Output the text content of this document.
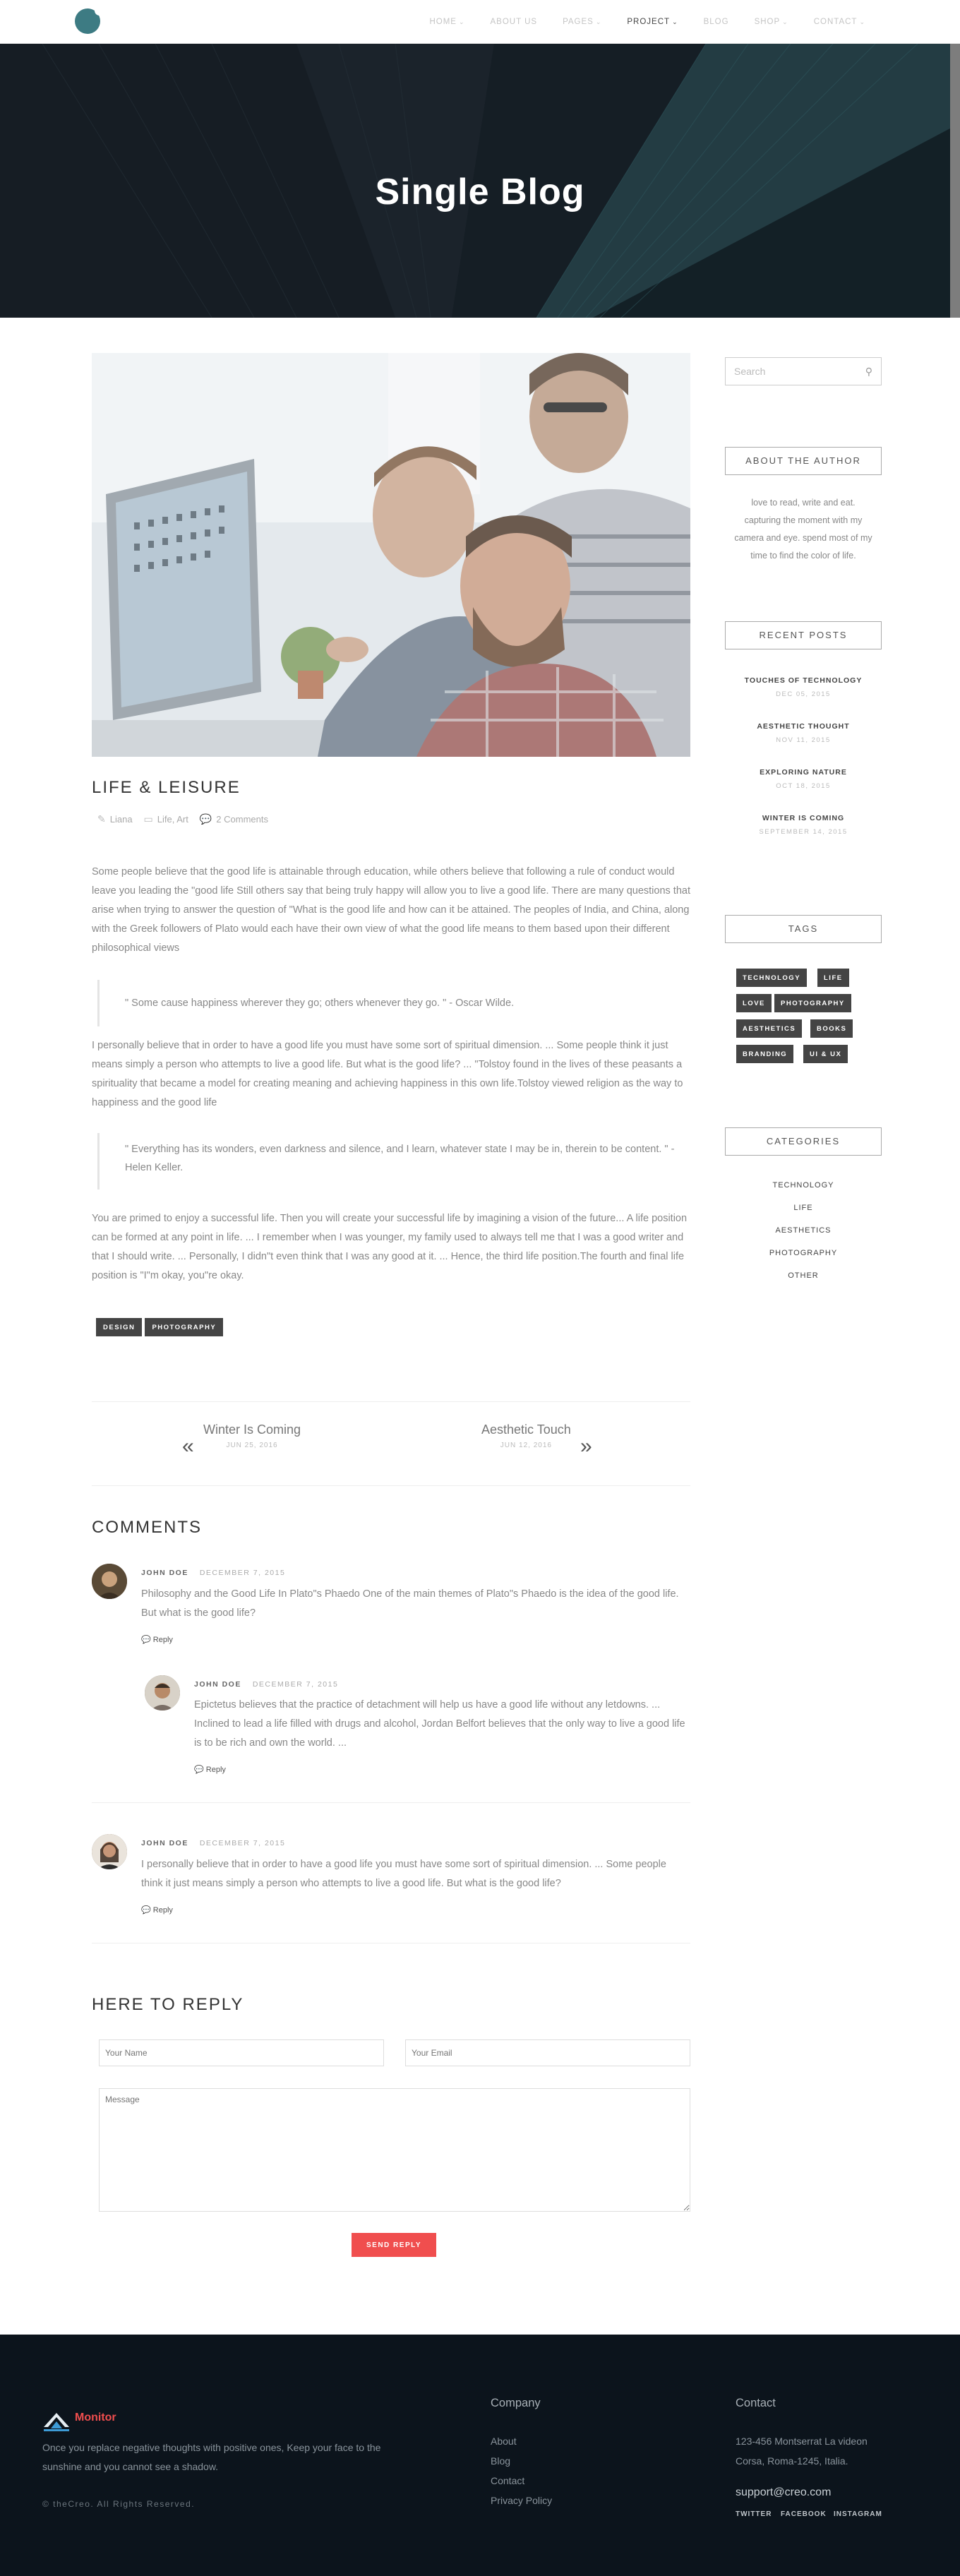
HOME ⌄	ABOUT US	PAGES ⌄	PROJECT ⌄	BLOG	SHOP ⌄	CONTACT ⌄
Single Blog
LIFE & LEISURE
✎ Liana ▭ Life, Art 💬 2 Comments

Some people believe that the good life is attainable through education, while others believe that following a rule of conduct would leave you leading the "good life Still others say that being truly happy will allow you to live a good life. There are many questions that arise when trying to answer the question of "What is the good life and how can it be attained. The peoples of India, and China, along with the Greek followers of Plato would each have their own view of what the good life means to them based upon their different philosophical views

" Some cause happiness wherever they go; others whenever they go. " - Oscar Wilde.

I personally believe that in order to have a good life you must have some sort of spiritual dimension. ... Some people think it just means simply a person who attempts to live a good life. But what is the good life? ... "Tolstoy found in the lives of these peasants a spirituality that became a model for creating meaning and achieving happiness in this own life.Tolstoy viewed religion as the way to happiness and the good life

" Everything has its wonders, even darkness and silence, and I learn, whatever state I may be in, therein to be content. " - Helen Keller.

You are primed to enjoy a successful life. Then you will create your successful life by imagining a vision of the future... A life position can be formed at any point in life. ... I remember when I was younger, my family used to always tell me that I was a good writer and that I should write. ... Personally, I didn"t even think that I was any good at it. ... Hence, the third life position.The fourth and final life position is "I"m okay, you"re okay.

DESIGN	PHOTOGRAPHY
«
Winter Is Coming
JUN 25, 2016
Aesthetic Touch
JUN 12, 2016	»
COMMENTS
JOHN DOE DECEMBER 7, 2015
Philosophy and the Good Life In Plato"s Phaedo One of the main themes of Plato"s Phaedo is the idea of the good life. But what is the good life?
💬 Reply
JOHN DOE DECEMBER 7, 2015
Epictetus believes that the practice of detachment will help us have a good life without any letdowns. ... Inclined to lead a life filled with drugs and alcohol, Jordan Belfort believes that the only way to live a good life is to be rich and own the world. ...
💬 Reply
JOHN DOE DECEMBER 7, 2015
I personally believe that in order to have a good life you must have some sort of spiritual dimension. ... Some people think it just means simply a person who attempts to live a good life. But what is the good life?
💬 Reply
HERE TO REPLY
Your Name
Your Email
Message
SEND REPLY
Search	⚲
ABOUT THE AUTHOR
love to read, write and eat. capturing the moment with my camera and eye. spend most of my time to find the color of life.
RECENT POSTS
TOUCHES OF TECHNOLOGY
DEC 05, 2015
AESTHETIC THOUGHT
NOV 11, 2015
EXPLORING NATURE
OCT 18, 2015
WINTER IS COMING
SEPTEMBER 14, 2015
TAGS
TECHNOLOGY	LIFE
LOVE	PHOTOGRAPHY
AESTHETICS	BOOKS
BRANDING	UI & UX
CATEGORIES
TECHNOLOGY
LIFE
AESTHETICS
PHOTOGRAPHY
OTHER
Monitor
Once you replace negative thoughts with positive ones, Keep your face to the sunshine and you cannot see a shadow.
© theCreo. All Rights Reserved.
Company
About
Blog
Contact
Privacy Policy
Contact
123-456 Montserrat La videon
Corsa, Roma-1245, Italia.
support@creo.com
TWITTER FACEBOOK INSTAGRAM
